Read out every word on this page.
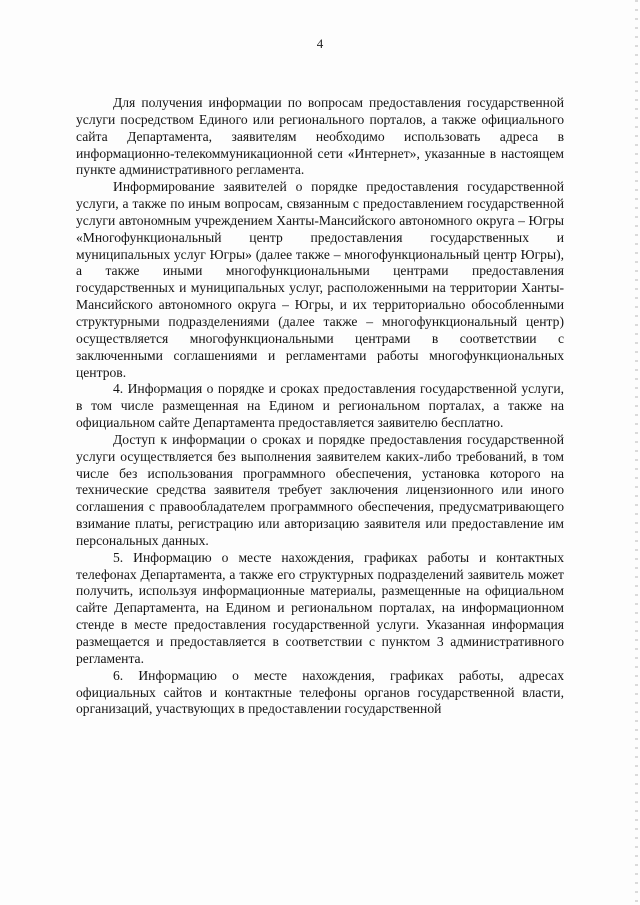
4

Для получения информации по вопросам предоставления государственной услуги посредством Единого или регионального порталов, а также официального сайта Департамента, заявителям необходимо использовать адреса в информационно-телекоммуникационной сети «Интернет», указанные в настоящем пункте административного регламента.

Информирование заявителей о порядке предоставления государственной услуги, а также по иным вопросам, связанным с предоставлением государственной услуги автономным учреждением Ханты-Мансийского автономного округа – Югры «Многофункциональный центр предоставления государственных и муниципальных услуг Югры» (далее также – многофункциональный центр Югры), а также иными многофункциональными центрами предоставления государственных и муниципальных услуг, расположенными на территории Ханты-Мансийского автономного округа – Югры, и их территориально обособленными структурными подразделениями (далее также – многофункциональный центр) осуществляется многофункциональными центрами в соответствии с заключенными соглашениями и регламентами работы многофункциональных центров.

4. Информация о порядке и сроках предоставления государственной услуги, в том числе размещенная на Едином и региональном порталах, а также на официальном сайте Департамента предоставляется заявителю бесплатно.

Доступ к информации о сроках и порядке предоставления государственной услуги осуществляется без выполнения заявителем каких-либо требований, в том числе без использования программного обеспечения, установка которого на технические средства заявителя требует заключения лицензионного или иного соглашения с правообладателем программного обеспечения, предусматривающего взимание платы, регистрацию или авторизацию заявителя или предоставление им персональных данных.

5. Информацию о месте нахождения, графиках работы и контактных телефонах Департамента, а также его структурных подразделений заявитель может получить, используя информационные материалы, размещенные на официальном сайте Департамента, на Едином и региональном порталах, на информационном стенде в месте предоставления государственной услуги. Указанная информация размещается и предоставляется в соответствии с пунктом 3 административного регламента.

6. Информацию о месте нахождения, графиках работы, адресах официальных сайтов и контактные телефоны органов государственной власти, организаций, участвующих в предоставлении государственной
